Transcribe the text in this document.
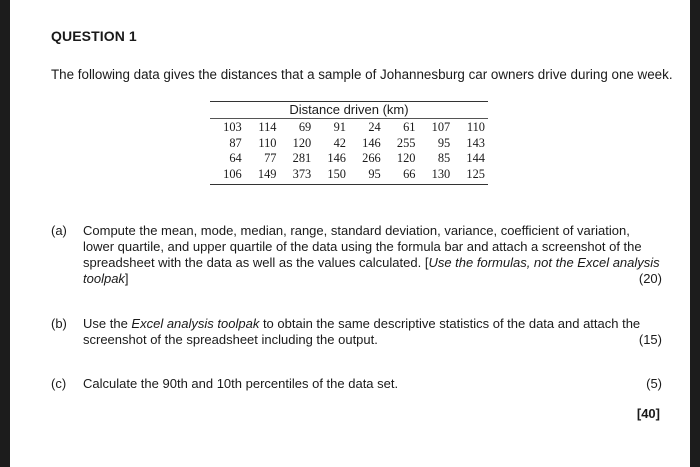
QUESTION 1
The following data gives the distances that a sample of Johannesburg car owners drive during one week.
Distance driven (km)
103	114	69	91	24	61	107	110
87	110	120	42	146	255	95	143
64	77	281	146	266	120	85	144
106	149	373	150	95	66	130	125
(a) Compute the mean, mode, median, range, standard deviation, variance, coefficient of variation, lower quartile, and upper quartile of the data using the formula bar and attach a screenshot of the spreadsheet with the data as well as the values calculated. [Use the formulas, not the Excel analysis toolpak]	(20)
(b) Use the Excel analysis toolpak to obtain the same descriptive statistics of the data and attach the screenshot of the spreadsheet including the output.	(15)
(c) Calculate the 90th and 10th percentiles of the data set.	(5)
[40]
